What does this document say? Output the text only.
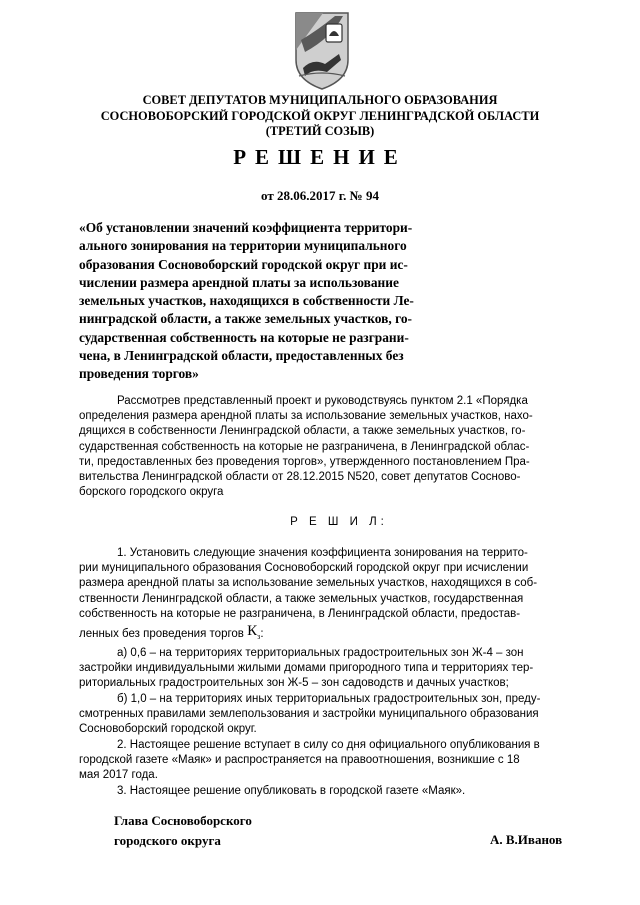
СОВЕТ ДЕПУТАТОВ МУНИЦИПАЛЬНОГО ОБРАЗОВАНИЯ
СОСНОВОБОРСКИЙ ГОРОДСКОЙ ОКРУГ ЛЕНИНГРАДСКОЙ ОБЛАСТИ
(ТРЕТИЙ СОЗЫВ)
РЕШЕНИЕ
от 28.06.2017 г. № 94
«Об установлении значений коэффициента территори-
ального зонирования на территории муниципального
образования Сосновоборский городской округ при ис-
числении размера арендной платы за использование
земельных участков, находящихся в собственности Ле-
нинградской области, а также земельных участков, го-
сударственная собственность на которые не разграни-
чена, в Ленинградской области, предоставленных без
проведения торгов»
Рассмотрев представленный проект и руководствуясь пунктом 2.1 «Порядка
определения размера арендной платы за использование земельных участков, нахо-
дящихся в собственности Ленинградской области, а также земельных участков, го-
сударственная собственность на которые не разграничена, в Ленинградской облас-
ти, предоставленных без проведения торгов», утвержденного постановлением Пра-
вительства Ленинградской области от 28.12.2015 N520, совет депутатов Сосново-
борского городского округа
Р Е Ш И Л:
1. Установить следующие значения коэффициента зонирования на террито-
рии муниципального образования Сосновоборский городской округ при исчислении
размера арендной платы за использование земельных участков, находящихся в соб-
ственности Ленинградской области, а также земельных участков, государственная
собственность на которые не разграничена, в Ленинградской области, предостав-
ленных без проведения торгов $К_з$:
а) 0,6 – на территориях территориальных градостроительных зон Ж-4 – зон
застройки индивидуальными жилыми домами пригородного типа и территориях тер-
риториальных градостроительных зон Ж-5 – зон садоводств и дачных участков;
б) 1,0 – на территориях иных территориальных градостроительных зон, преду-
смотренных правилами землепользования и застройки муниципального образования
Сосновоборский городской округ.
2. Настоящее решение вступает в силу со дня официального опубликования в
городской газете «Маяк» и распространяется на правоотношения, возникшие с 18
мая 2017 года.
3. Настоящее решение опубликовать в городской газете «Маяк».
Глава Сосновоборского
городского округа	А. В.Иванов
